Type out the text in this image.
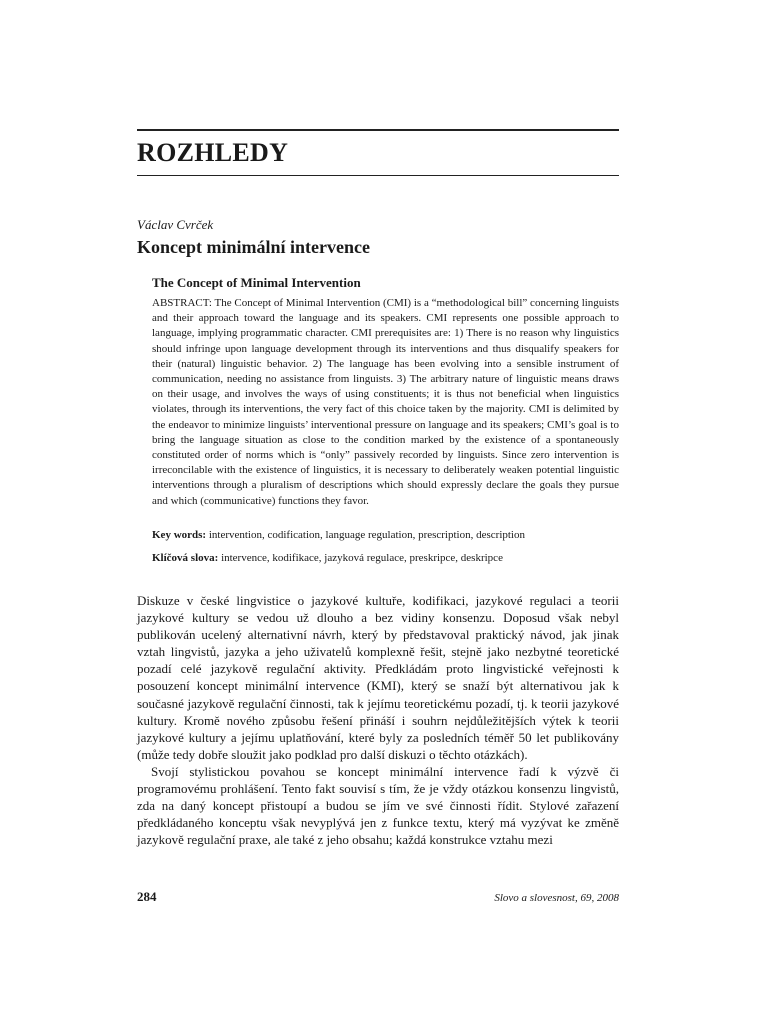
ROZHLEDY
Václav Cvrček
Koncept minimální intervence
The Concept of Minimal Intervention

ABSTRACT: The Concept of Minimal Intervention (CMI) is a “methodological bill” concerning linguists and their approach toward the language and its speakers. CMI represents one possible approach to language, implying programmatic character. CMI prerequisites are: 1) There is no reason why linguistics should infringe upon language development through its interventions and thus disqualify speakers for their (natural) linguistic behavior. 2) The language has been evolving into a sensible instrument of communication, needing no assistance from linguists. 3) The arbitrary nature of linguistic means draws on their usage, and involves the ways of using constituents; it is thus not beneficial when linguistics violates, through its interventions, the very fact of this choice taken by the majority. CMI is delimited by the endeavor to minimize linguists’ interventional pressure on language and its speakers; CMI’s goal is to bring the language situation as close to the condition marked by the existence of a spontaneously constituted order of norms which is “only” passively recorded by linguists. Since zero intervention is irreconcilable with the existence of linguistics, it is necessary to deliberately weaken potential linguistic interventions through a pluralism of descriptions which should expressly declare the goals they pursue and which (communicative) functions they favor.

Key words: intervention, codification, language regulation, prescription, description

Klíčová slova: intervence, kodifikace, jazyková regulace, preskripce, deskripce

Diskuze v české lingvistice o jazykové kultuře, kodifikaci, jazykové regulaci a teorii jazykové kultury se vedou už dlouho a bez vidiny konsenzu. Doposud však nebyl publikován ucelený alternativní návrh, který by představoval praktický návod, jak jinak vztah lingvistů, jazyka a jeho uživatelů komplexně řešit, stejně jako nezbytné teoretické pozadí celé jazykově regulační aktivity. Předkládám proto lingvistické veřejnosti k posouzení koncept minimální intervence (KMI), který se snaží být alternativou jak k současné jazykově regulační činnosti, tak k jejímu teoretickému pozadí, tj. k teorii jazykové kultury. Kromě nového způsobu řešení přináší i souhrn nejdůležitějších výtek k teorii jazykové kultury a jejímu uplatňování, které byly za posledních téměř 50 let publikovány (může tedy dobře sloužit jako podklad pro další diskuzi o těchto otázkách).

Svojí stylistickou povahou se koncept minimální intervence řadí k výzvě či programovému prohlášení. Tento fakt souvisí s tím, že je vždy otázkou konsenzu lingvistů, zda na daný koncept přistoupí a budou se jím ve své činnosti řídit. Stylové zařazení předkládaného konceptu však nevyplývá jen z funkce textu, který má vyzývat ke změně jazykově regulační praxe, ale také z jeho obsahu; každá konstrukce vztahu mezi

284	Slovo a slovesnost, 69, 2008
